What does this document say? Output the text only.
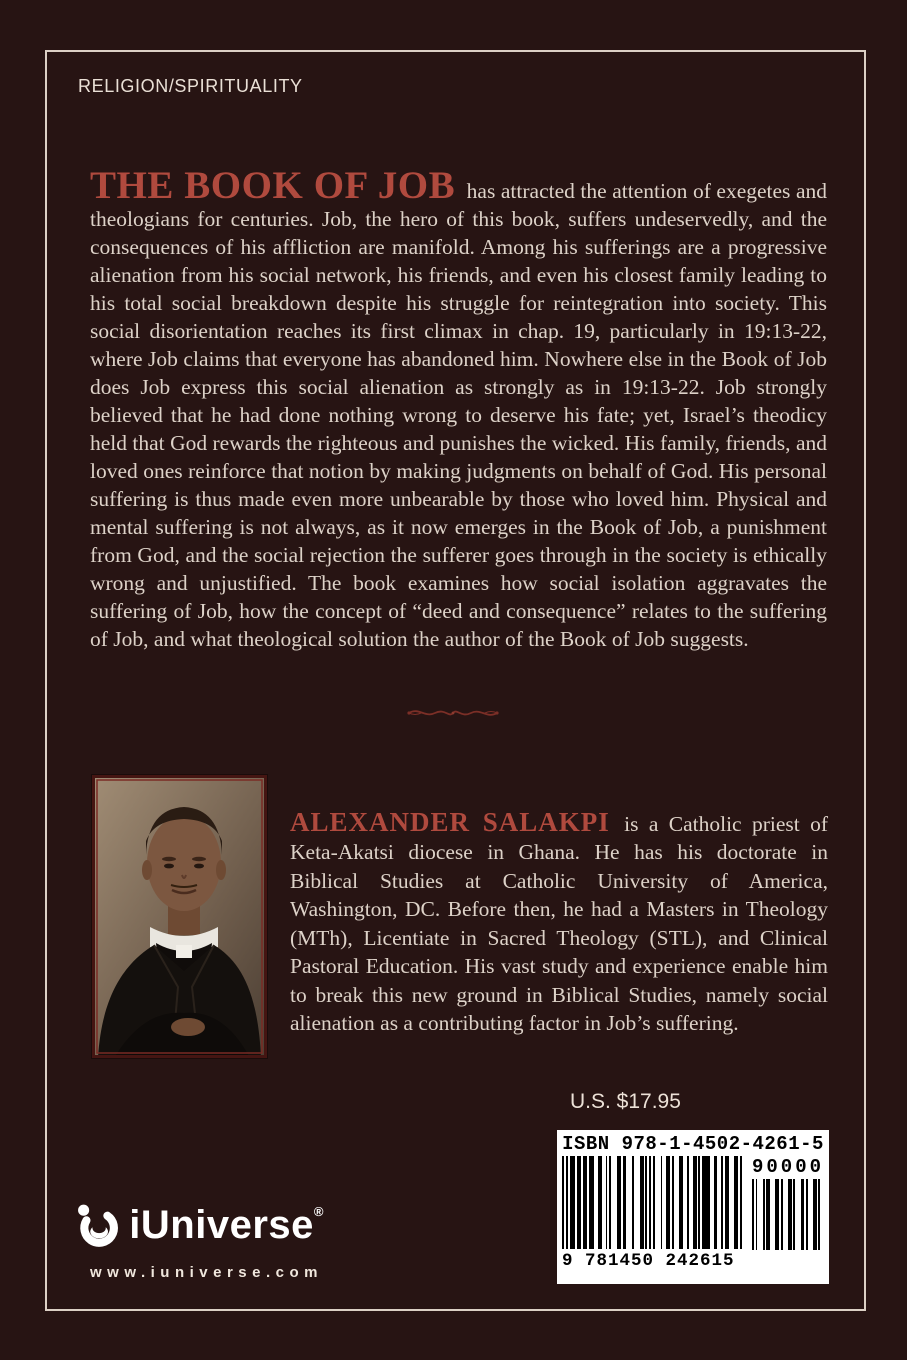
RELIGION/SPIRITUALITY

THE BOOK OF JOB has attracted the attention of exegetes and theologians for centuries. Job, the hero of this book, suffers undeservedly, and the consequences of his affliction are manifold. Among his sufferings are a progressive alienation from his social network, his friends, and even his closest family leading to his total social breakdown despite his struggle for reintegration into society. This social disorientation reaches its first climax in chap. 19, particularly in 19:13-22, where Job claims that everyone has abandoned him. Nowhere else in the Book of Job does Job express this social alienation as strongly as in 19:13-22. Job strongly believed that he had done nothing wrong to deserve his fate; yet, Israel’s theodicy held that God rewards the righteous and punishes the wicked. His family, friends, and loved ones reinforce that notion by making judgments on behalf of God. His personal suffering is thus made even more unbearable by those who loved him. Physical and mental suffering is not always, as it now emerges in the Book of Job, a punishment from God, and the social rejection the sufferer goes through in the society is ethically wrong and unjustified. The book examines how social isolation aggravates the suffering of Job, how the concept of “deed and consequence” relates to the suffering of Job, and what theological solution the author of the Book of Job suggests.

ALEXANDER SALAKPI is a Catholic priest of Keta-Akatsi diocese in Ghana. He has his doctorate in Biblical Studies at Catholic University of America, Washington, DC. Before then, he had a Masters in Theology (MTh), Licentiate in Sacred Theology (STL), and Clinical Pastoral Education. His vast study and experience enable him to break this new ground in Biblical Studies, namely social alienation as a contributing factor in Job’s suffering.

U.S. $17.95
ISBN 978-1-4502-4261-5
9 781450 242615
90000
iUniverse®
www.iuniverse.com
